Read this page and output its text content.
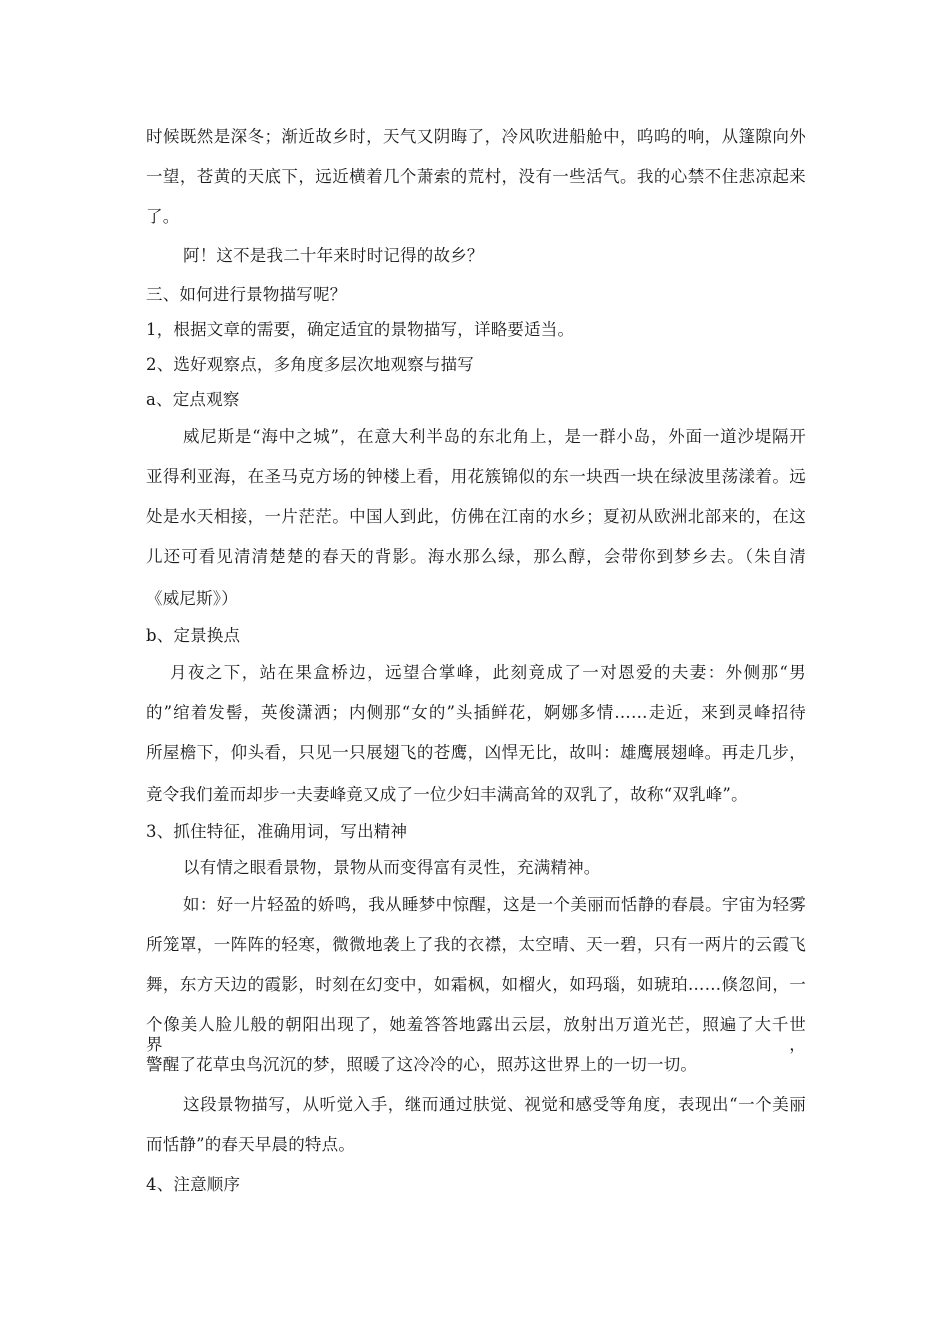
时候既然是深冬；渐近故乡时，天气又阴晦了，冷风吹进船舱中，呜呜的响，从篷隙向外
一望，苍黄的天底下，远近横着几个萧索的荒村，没有一些活气。我的心禁不住悲凉起来
了。
阿！这不是我二十年来时时记得的故乡？
三、如何进行景物描写呢？
1，根据文章的需要，确定适宜的景物描写，详略要适当。
2、选好观察点，多角度多层次地观察与描写
a、定点观察
威尼斯是“海中之城”，在意大利半岛的东北角上，是一群小岛，外面一道沙堤隔开
亚得利亚海，在圣马克方场的钟楼上看，用花簇锦似的东一块西一块在绿波里荡漾着。远
处是水天相接，一片茫茫。中国人到此，仿佛在江南的水乡；夏初从欧洲北部来的，在这
儿还可看见清清楚楚的春天的背影。海水那么绿，那么醇，会带你到梦乡去。（朱自清
《威尼斯》）
b、定景换点
月夜之下，站在果盒桥边，远望合掌峰，此刻竟成了一对恩爱的夫妻：外侧那“男
的”绾着发髻，英俊潇洒；内侧那“女的”头插鲜花，婀娜多情……走近，来到灵峰招待
所屋檐下，仰头看，只见一只展翅飞的苍鹰，凶悍无比，故叫：雄鹰展翅峰。再走几步，
竟令我们羞而却步一夫妻峰竟又成了一位少妇丰满高耸的双乳了，故称“双乳峰”。
3、抓住特征，准确用词，写出精神
以有情之眼看景物，景物从而变得富有灵性，充满精神。
如：好一片轻盈的娇鸣，我从睡梦中惊醒，这是一个美丽而恬静的春晨。宇宙为轻雾
所笼罩，一阵阵的轻寒，微微地袭上了我的衣襟，太空晴、天一碧，只有一两片的云霞飞
舞，东方天边的霞影，时刻在幻变中，如霜枫，如榴火，如玛瑙，如琥珀……倏忽间，一
个像美人脸儿般的朝阳出现了，她羞答答地露出云层，放射出万道光芒，照遍了大千世界，
警醒了花草虫鸟沉沉的梦，照暖了这冷冷的心，照苏这世界上的一切一切。
这段景物描写，从听觉入手，继而通过肤觉、视觉和感受等角度，表现出“一个美丽
而恬静”的春天早晨的特点。
4、注意顺序
